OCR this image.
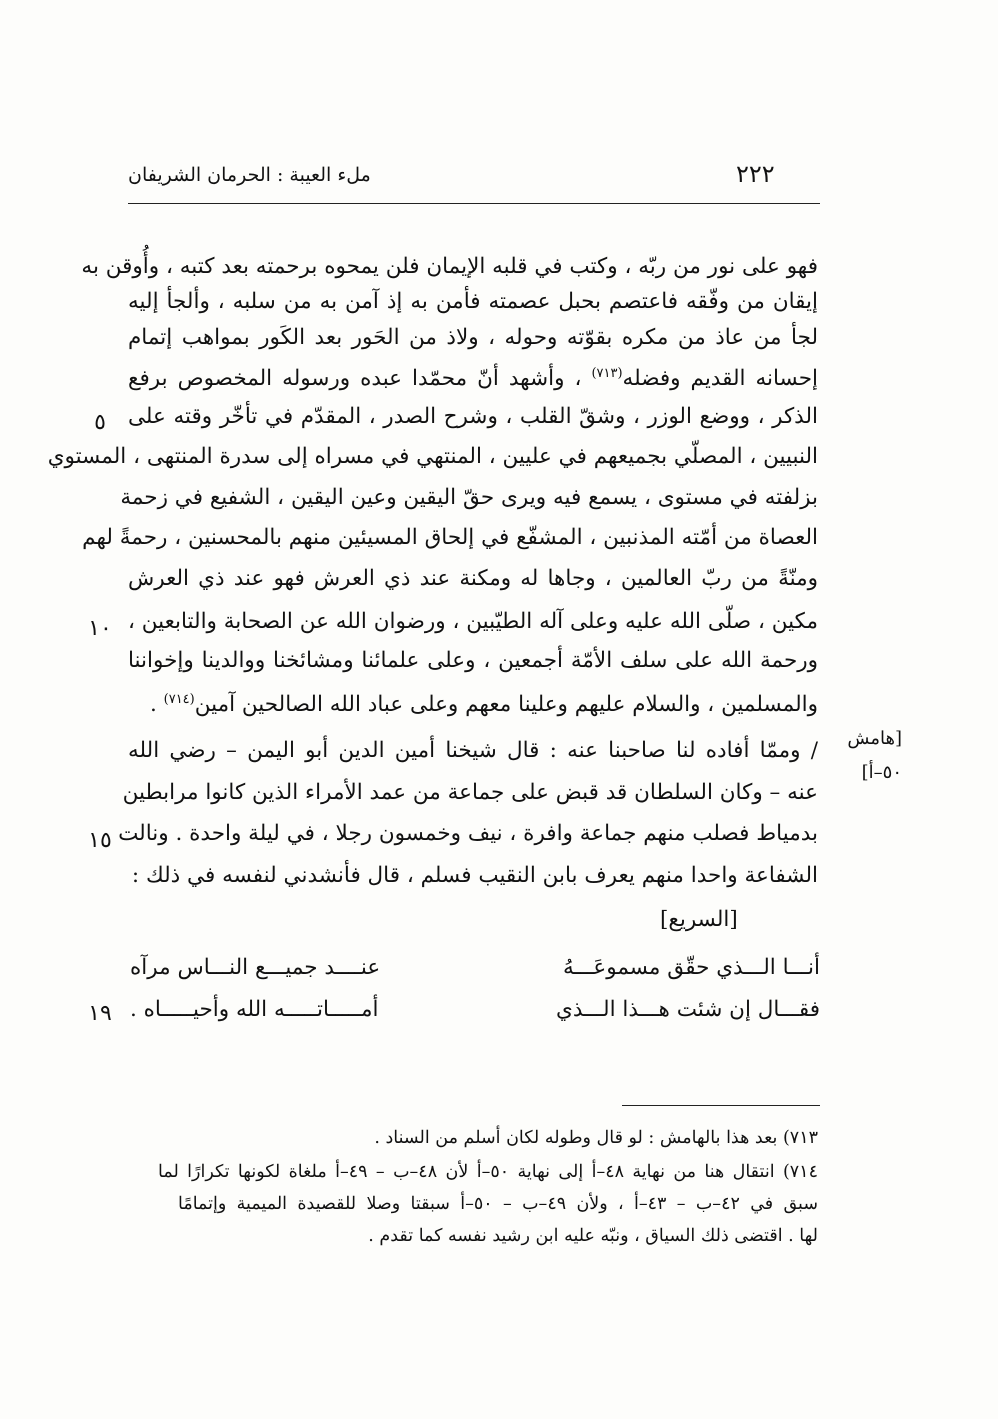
٢٢٢
ملء العيبة : الحرمان الشريفان
فهو على نور من ربّه ، وكتب في قلبه الإيمان فلن يمحوه برحمته بعد كتبه ، وأُوقن به
إيقان من وفّقه فاعتصم بحبل عصمته فأمن به إذ آمن به من سلبه ، وألجأ إليه
لجأ من عاذ من مكره بقوّته وحوله ، ولاذ من الحَور بعد الكَور بمواهب إتمام
إحسانه القديم وفضله$^{(٧١٣)}$ ، وأشهد أنّ محمّدا عبده ورسوله المخصوص برفع
الذكر ، ووضع الوزر ، وشقّ القلب ، وشرح الصدر ، المقدّم في تأخّر وقته على
النبيين ، المصلّي بجميعهم في عليين ، المنتهي في مسراه إلى سدرة المنتهى ، المستوي
بزلفته في مستوى ، يسمع فيه ويرى حقّ اليقين وعين اليقين ، الشفيع في زحمة
العصاة من أمّته المذنبين ، المشفّع في إلحاق المسيئين منهم بالمحسنين ، رحمةً لهم
ومنّةً من ربّ العالمين ، وجاها له ومكنة عند ذي العرش فهو عند ذي العرش
مكين ، صلّى الله عليه وعلى آله الطيّبين ، ورضوان الله عن الصحابة والتابعين ،
ورحمة الله على سلف الأمّة أجمعين ، وعلى علمائنا ومشائخنا ووالدينا وإخواننا
والمسلمين ، والسلام عليهم وعلينا معهم وعلى عباد الله الصالحين آمين$^{(٧١٤)}$ .
/ وممّا أفاده لنا صاحبنا عنه : قال شيخنا أمين الدين أبو اليمن – رضي الله
عنه – وكان السلطان قد قبض على جماعة من عمد الأمراء الذين كانوا مرابطين
بدمياط فصلب منهم جماعة وافرة ، نيف وخمسون رجلا ، في ليلة واحدة . ونالت
الشفاعة واحدا منهم يعرف بابن النقيب فسلم ، قال فأنشدني لنفسه في ذلك :
٥
١٠
١٥
١٩
[هامش
٥٠–أ]
[السريع]
أنـــا الـــذي حقّق مسموعَـــهُ
عنــــد جميـــع النـــاس مرآه
فقـــال إن شئت هـــذا الـــذي
أمـــــاتـــــه الله وأحيـــــاه .
٧١٣) بعد هذا بالهامش : لو قال وطوله لكان أسلم من السناد .
٧١٤) انتقال هنا من نهاية ٤٨–أ إلى نهاية ٥٠–أ لأن ٤٨–ب – ٤٩–أ ملغاة لكونها تكرارًا لما
سبق في ٤٢–ب – ٤٣–أ ، ولأن ٤٩–ب – ٥٠–أ سبقتا وصلا للقصيدة الميمية وإتمامًا
لها . اقتضى ذلك السياق ، ونبّه عليه ابن رشيد نفسه كما تقدم .
